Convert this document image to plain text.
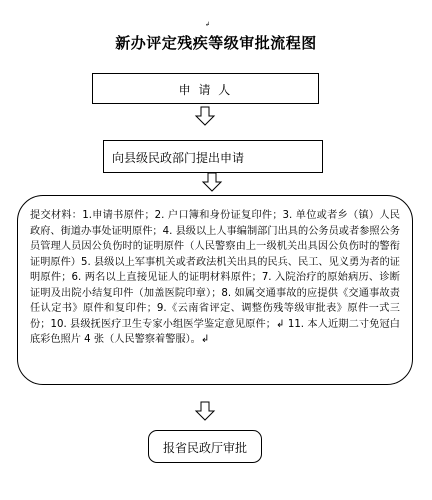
↲
新办评定残疾等级审批流程图
申 请 人
向县级民政部门提出申请
提交材料：1.申请书原件；2. 户口簿和身份证复印件；3. 单位或者乡（镇）人民政府、街道办事处证明原件；4. 县级以上人事编制部门出具的公务员或者参照公务员管理人员因公负伤时的证明原件（人民警察由上一级机关出具因公负伤时的警衔证明原件）5. 县级以上军事机关或者政法机关出具的民兵、民工、见义勇为者的证明原件；6. 两名以上直接见证人的证明材料原件；7. 入院治疗的原始病历、诊断证明及出院小结复印件（加盖医院印章）；8. 如属交通事故的应提供《交通事故责任认定书》原件和复印件；9.《云南省评定、调整伤残等级审批表》原件一式三份；10. 县级抚医疗卫生专家小组医学鉴定意见原件；↲ 11. 本人近期二寸免冠白底彩色照片 4 张（人民警察着警服）。↲
报省民政厅审批
